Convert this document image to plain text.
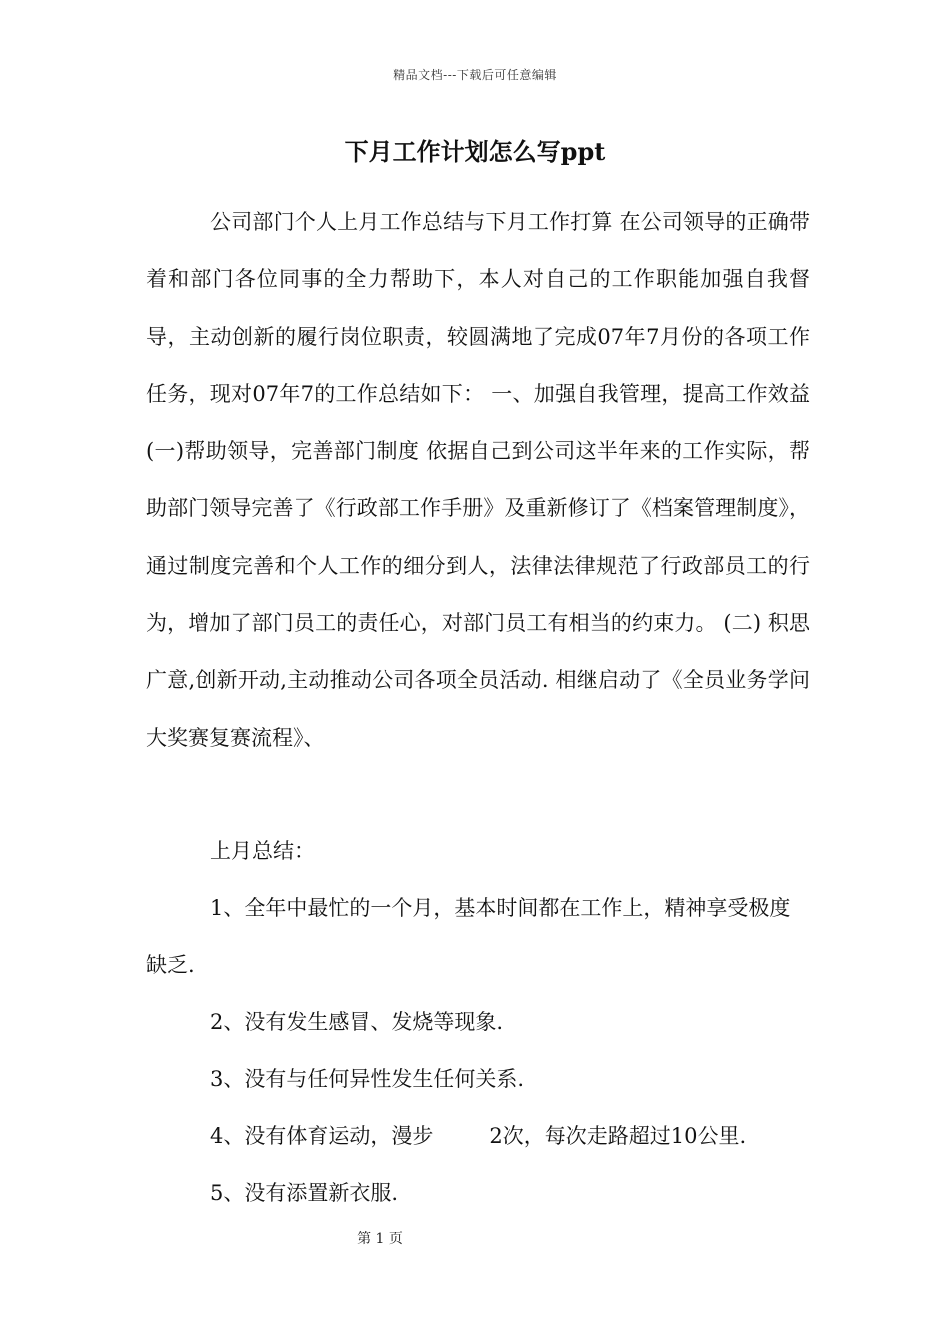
精品文档---下载后可任意编辑
下月工作计划怎么写ppt

公司部门个人上月工作总结与下月工作打算 在公司领导的正确带着和部门各位同事的全力帮助下，本人对自己的工作职能加强自我督导，主动创新的履行岗位职责，较圆满地了完成07年7月份的各项工作任务，现对07年7的工作总结如下： 一、加强自我管理，提高工作效益 (一)帮助领导，完善部门制度 依据自己到公司这半年来的工作实际，帮助部门领导完善了《行政部工作手册》及重新修订了《档案管理制度》， 通过制度完善和个人工作的细分到人，法律法律规范了行政部员工的行为，增加了部门员工的责任心，对部门员工有相当的约束力。 (二) 积思广意,创新开动,主动推动公司各项全员活动. 相继启动了《全员业务学问大奖赛复赛流程》、

上月总结：

1、全年中最忙的一个月，基本时间都在工作上，精神享受极度缺乏.

2、没有发生感冒、发烧等现象.

3、没有与任何异性发生任何关系.

4、没有体育运动，漫步	2次，每次走路超过10公里.

5、没有添置新衣服.

第 1 页
